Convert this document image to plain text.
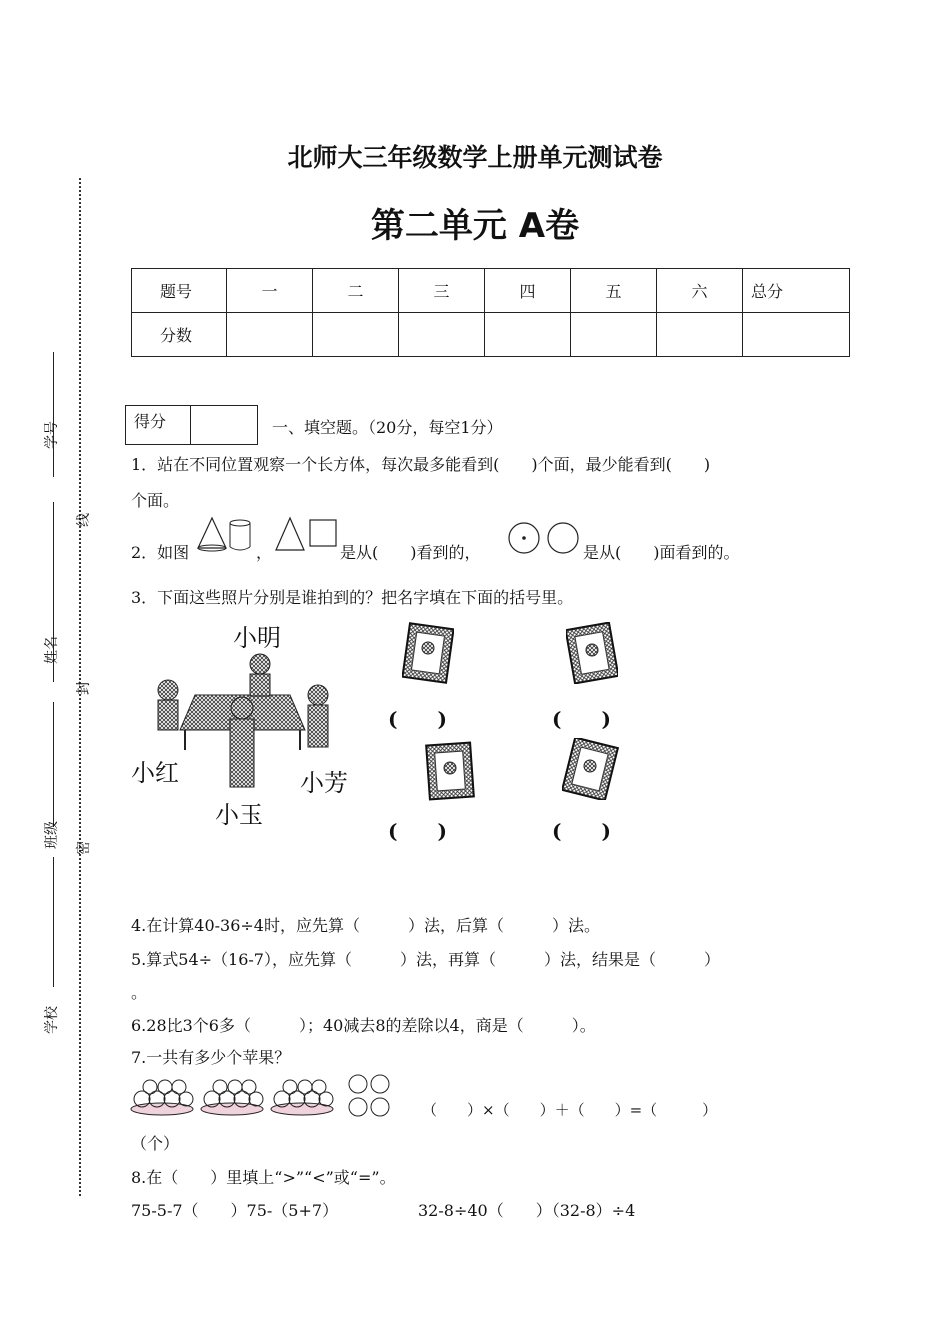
北师大三年级数学上册单元测试卷
第二单元 A卷
题号	一	二	三	四	五	六	总分
分数							
学号
姓名
班级
学校
线
封
密
得分	一、填空题。（20分，每空1分）
1．站在不同位置观察一个长方体，每次最多能看到(　　)个面，最少能看到(　　)
个面。
2．如图	，	是从(　　)看到的，	是从(　　)面看到的。
3．下面这些照片分别是谁拍到的？把名字填在下面的括号里。
小明
小红	小芳
小玉
(　　)	(　　)
(　　)	(　　)
4.在计算40-36÷4时，应先算（　　　）法，后算（　　　）法。
5.算式54÷（16-7），应先算（　　　）法，再算（　　　）法，结果是（　　　）
。
6.28比3个6多（　　　）；40减去8的差除以4，商是（　　　）。
7.一共有多少个苹果？
（　　）×（　　）＋（　　）=（　　　）
（个）
8.在（　　）里填上“>”“<”或“=”。
75-5-7（　　）75-（5+7）	32-8÷40（　　）（32-8）÷4
